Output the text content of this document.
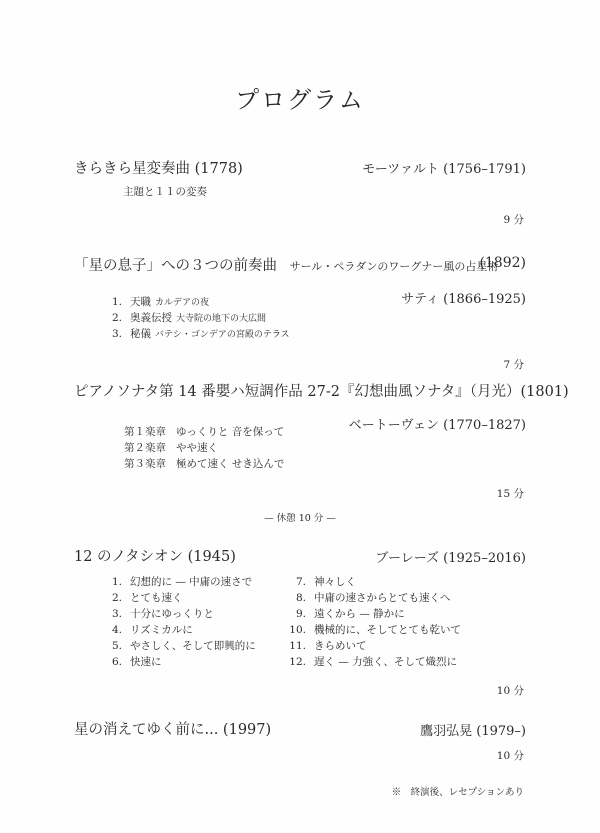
プログラム
きらきら星変奏曲 (1778)	モーツァルト (1756–1791)
主題と１１の変奏
9 分
「星の息子」への３つの前奏曲 サール・ペラダンのワーグナー風の占星術
(1892)
サティ (1866–1925)
1. 天職 カルデアの夜
2. 奥義伝授 大寺院の地下の大広間
3. 秘儀 バテシ・ゴンデアの宮殿のテラス
7 分
ピアノソナタ第 14 番嬰ハ短調作品 27-2『幻想曲風ソナタ』（月光）(1801)
ベートーヴェン (1770–1827)
第１楽章 ゆっくりと 音を保って
第２楽章 やや速く
第３楽章 極めて速く せき込んで
15 分
— 休憩 10 分 —
12 のノタシオン (1945)	ブーレーズ (1925–2016)
1. 幻想的に — 中庸の速さで
2. とても速く
3. 十分にゆっくりと
4. リズミカルに
5. やさしく、そして即興的に
6. 快速に
7. 神々しく
8. 中庸の速さからとても速くへ
9. 遠くから — 静かに
10. 機械的に、そしてとても乾いて
11. きらめいて
12. 遅く — 力強く、そして熾烈に
10 分
星の消えてゆく前に... (1997)	鷹羽弘晃 (1979–)
10 分
※　終演後、レセプションあり
